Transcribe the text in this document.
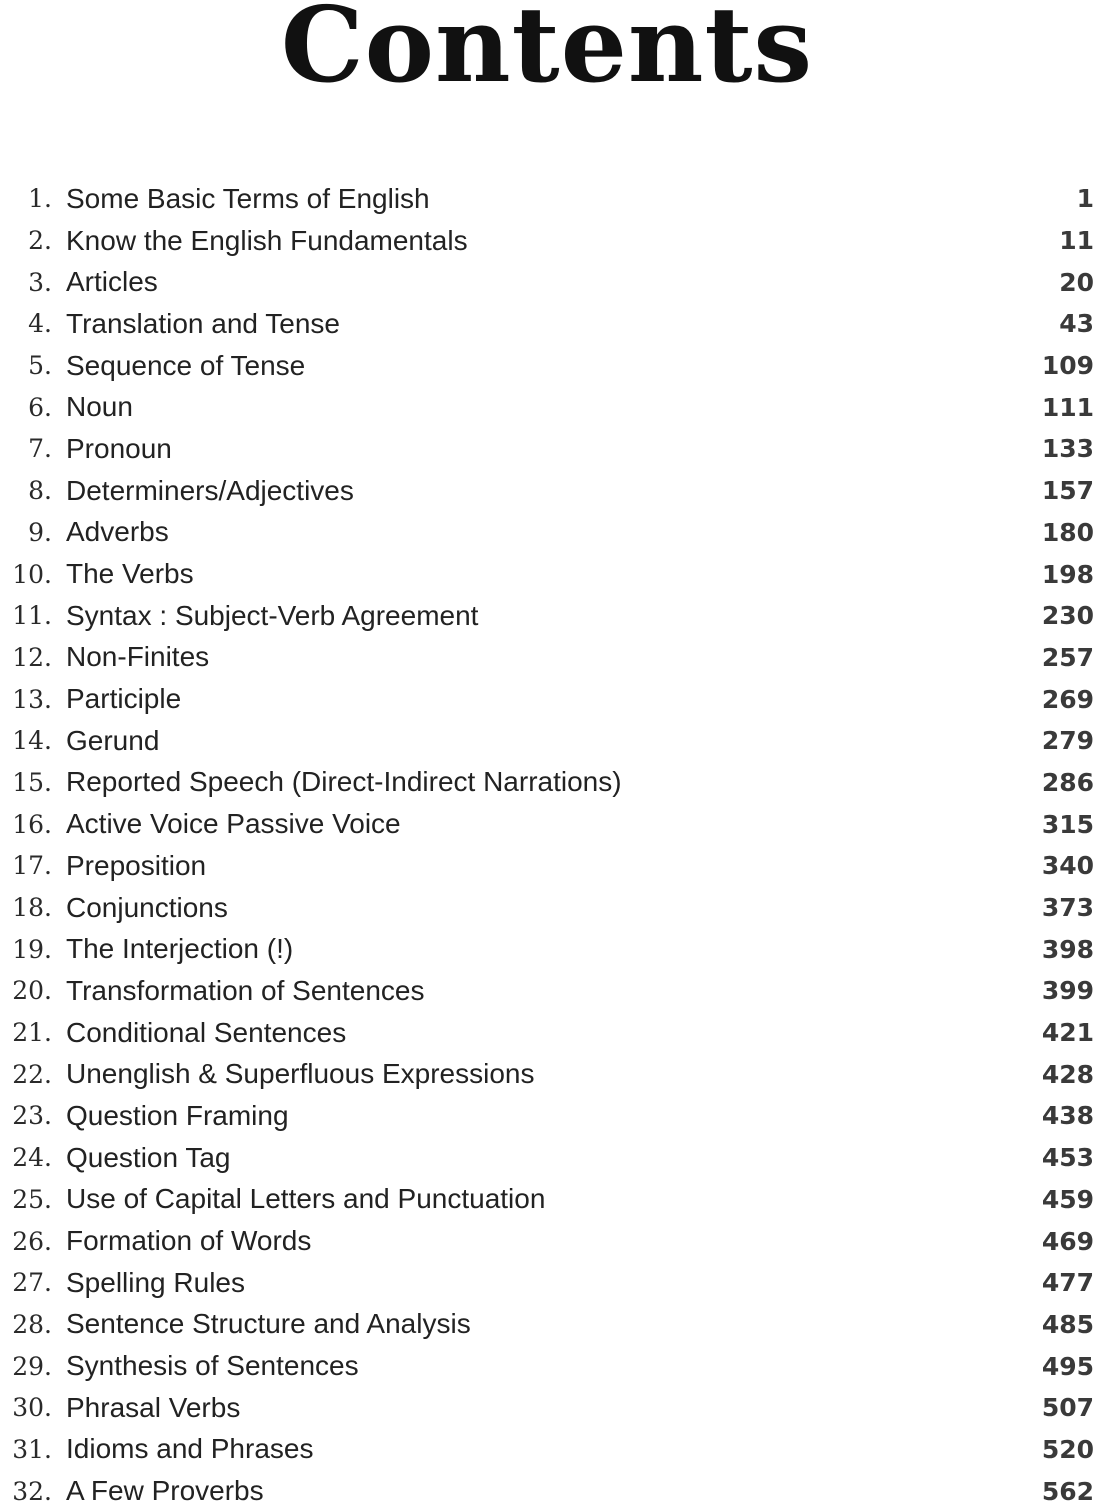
Contents
1. Some Basic Terms of English	1
2. Know the English Fundamentals	11
3. Articles	20
4. Translation and Tense	43
5. Sequence of Tense	109
6. Noun	111
7. Pronoun	133
8. Determiners/Adjectives	157
9. Adverbs	180
10. The Verbs	198
11. Syntax : Subject-Verb Agreement	230
12. Non-Finites	257
13. Participle	269
14. Gerund	279
15. Reported Speech (Direct-Indirect Narrations)	286
16. Active Voice Passive Voice	315
17. Preposition	340
18. Conjunctions	373
19. The Interjection (!)	398
20. Transformation of Sentences	399
21. Conditional Sentences	421
22. Unenglish & Superfluous Expressions	428
23. Question Framing	438
24. Question Tag	453
25. Use of Capital Letters and Punctuation	459
26. Formation of Words	469
27. Spelling Rules	477
28. Sentence Structure and Analysis	485
29. Synthesis of Sentences	495
30. Phrasal Verbs	507
31. Idioms and Phrases	520
32. A Few Proverbs	562
